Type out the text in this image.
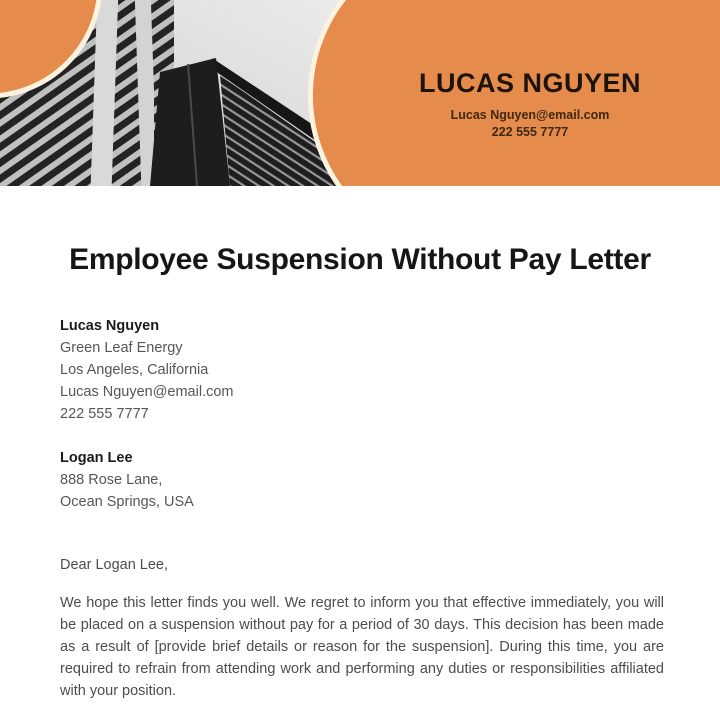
LUCAS NGUYEN
Lucas Nguyen@email.com
222 555 7777
Employee Suspension Without Pay Letter
Lucas Nguyen
Green Leaf Energy
Los Angeles, California
Lucas Nguyen@email.com
222 555 7777
Logan Lee
888 Rose Lane,
Ocean Springs, USA
Dear Logan Lee,
We hope this letter finds you well. We regret to inform you that effective immediately, you will be placed on a suspension without pay for a period of 30 days. This decision has been made as a result of [provide brief details or reason for the suspension]. During this time, you are required to refrain from attending work and performing any duties or responsibilities affiliated with your position.
